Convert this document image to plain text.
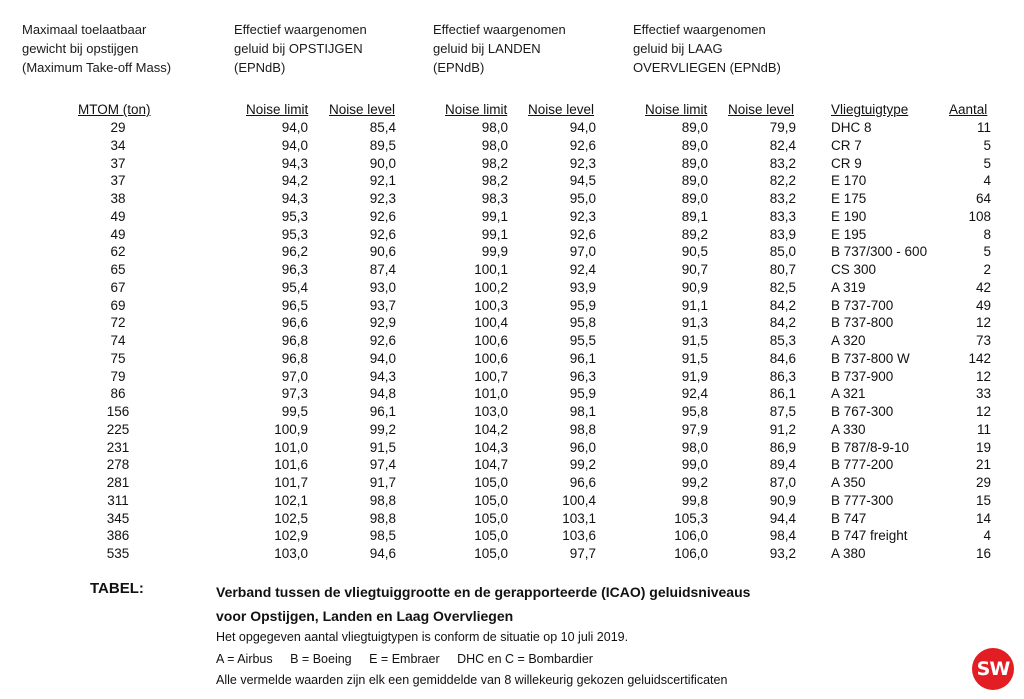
Maximaal toelaatbaar
gewicht bij opstijgen
(Maximum Take-off Mass)
Effectief waargenomen
geluid bij OPSTIJGEN
(EPNdB)
Effectief waargenomen
geluid bij LANDEN
(EPNdB)
Effectief waargenomen
geluid bij LAAG
OVERVLIEGEN (EPNdB)
MTOM (ton)	Noise limit Noise level	Noise limit Noise level	Noise limit Noise level	Vliegtuigtype	Aantal
29	94,0	85,4	98,0	94,0	89,0	79,9	DHC 8	11
34	94,0	89,5	98,0	92,6	89,0	82,4	CR 7	5
37	94,3	90,0	98,2	92,3	89,0	83,2	CR 9	5
37	94,2	92,1	98,2	94,5	89,0	82,2	E 170	4
38	94,3	92,3	98,3	95,0	89,0	83,2	E 175	64
49	95,3	92,6	99,1	92,3	89,1	83,3	E 190	108
49	95,3	92,6	99,1	92,6	89,2	83,9	E 195	8
62	96,2	90,6	99,9	97,0	90,5	85,0	B 737/300 - 600	5
65	96,3	87,4	100,1	92,4	90,7	80,7	CS 300	2
67	95,4	93,0	100,2	93,9	90,9	82,5	A 319	42
69	96,5	93,7	100,3	95,9	91,1	84,2	B 737-700	49
72	96,6	92,9	100,4	95,8	91,3	84,2	B 737-800	12
74	96,8	92,6	100,6	95,5	91,5	85,3	A 320	73
75	96,8	94,0	100,6	96,1	91,5	84,6	B 737-800 W	142
79	97,0	94,3	100,7	96,3	91,9	86,3	B 737-900	12
86	97,3	94,8	101,0	95,9	92,4	86,1	A 321	33
156	99,5	96,1	103,0	98,1	95,8	87,5	B 767-300	12
225	100,9	99,2	104,2	98,8	97,9	91,2	A 330	11
231	101,0	91,5	104,3	96,0	98,0	86,9	B 787/8-9-10	19
278	101,6	97,4	104,7	99,2	99,0	89,4	B 777-200	21
281	101,7	91,7	105,0	96,6	99,2	87,0	A 350	29
311	102,1	98,8	105,0	100,4	99,8	90,9	B 777-300	15
345	102,5	98,8	105,0	103,1	105,3	94,4	B 747	14
386	102,9	98,5	105,0	103,6	106,0	98,4	B 747 freight	4
535	103,0	94,6	105,0	97,7	106,0	93,2	A 380	16
TABEL:	Verband tussen de vliegtuiggrootte en de gerapporteerde (ICAO) geluidsniveaus
voor Opstijgen, Landen en Laag Overvliegen
Het opgegeven aantal vliegtuigtypen is conform de situatie op 10 juli 2019.
A = Airbus B = Boeing E = Embraer DHC en C = Bombardier
Alle vermelde waarden zijn elk een gemiddelde van 8 willekeurig gekozen geluidscertificaten	SW
